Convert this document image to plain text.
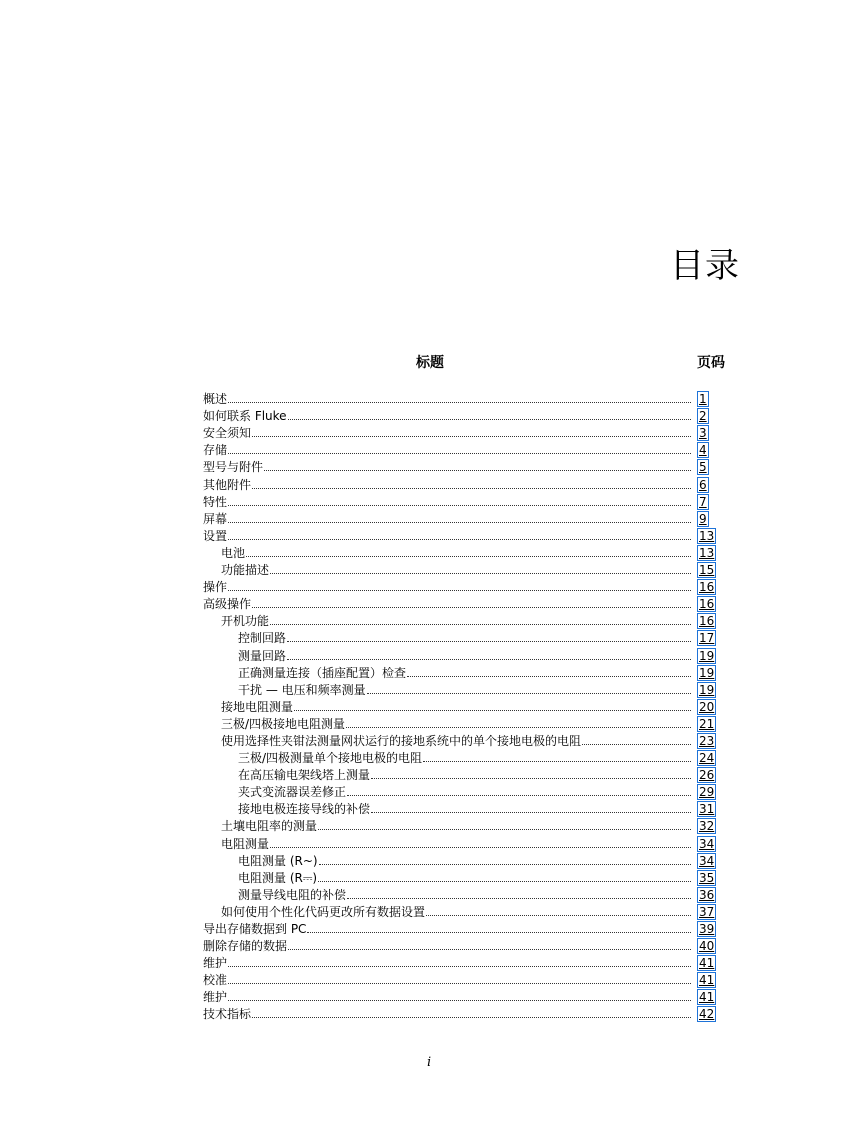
目录
标题	页码
概述	1
如何联系 Fluke	2
安全须知	3
存储	4
型号与附件	5
其他附件	6
特性	7
屏幕	9
设置	13
电池	13
功能描述	15
操作	16
高级操作	16
开机功能	16
控制回路	17
测量回路	19
正确测量连接（插座配置）检查	19
干扰 — 电压和频率测量	19
接地电阻测量	20
三极/四极接地电阻测量	21
使用选择性夹钳法测量网状运行的接地系统中的单个接地电极的电阻	23
三极/四极测量单个接地电极的电阻	24
在高压输电架线塔上测量	26
夹式变流器误差修正	29
接地电极连接导线的补偿	31
土壤电阻率的测量	32
电阻测量	34
电阻测量 (R~)	34
电阻测量 (R⎓)	35
测量导线电阻的补偿	36
如何使用个性化代码更改所有数据设置	37
导出存储数据到 PC	39
删除存储的数据	40
维护	41
校准	41
维护	41
技术指标	42
i
